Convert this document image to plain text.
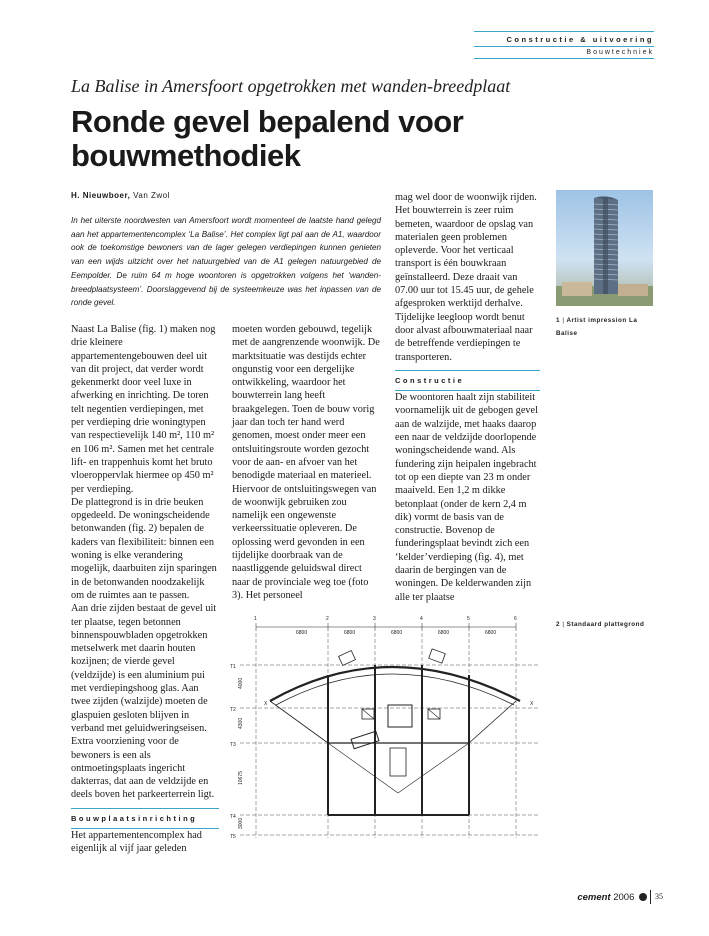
Constructie & uitvoering
Bouwtechniek
La Balise in Amersfoort opgetrokken met wanden-breedplaat
Ronde gevel bepalend voor bouwmethodiek
H. Nieuwboer, Van Zwol
In het uiterste noordwesten van Amersfoort wordt momenteel de laatste hand gelegd aan het appartementencomplex ‘La Balise’. Het complex ligt pal aan de A1, waardoor ook de toekomstige bewoners van de lager gelegen verdiepingen kunnen genieten van een wijds uitzicht over het natuurgebied van de A1 gelegen natuurgebied de Eempolder. De ruim 64 m hoge woontoren is opgetrokken volgens het ‘wanden-breedplaatsysteem’. Doorslaggevend bij de systeemkeuze was het inpassen van de ronde gevel.
Naast La Balise (fig. 1) maken nog drie kleinere appartementengebouwen deel uit van dit project, dat verder wordt gekenmerkt door veel luxe in afwerking en inrichting. De toren telt negentien verdiepingen, met per verdieping drie woningtypen van respectievelijk 140 m², 110 m² en 106 m². Samen met het centrale lift- en trappenhuis komt het bruto vloeroppervlak hiermee op 450 m² per verdieping.
De plattegrond is in drie beuken opgedeeld. De woningscheidende betonwanden (fig. 2) bepalen de kaders van flexibiliteit: binnen een woning is elke verandering mogelijk, daarbuiten zijn sparingen in de betonwanden noodzakelijk om de ruimtes aan te passen.
Aan drie zijden bestaat de gevel uit ter plaatse, tegen betonnen binnenspouwbladen opgetrokken metselwerk met daarin houten kozijnen; de vierde gevel (veldzijde) is een aluminium pui met verdiepingshoog glas. Aan twee zijden (walzijde) moeten de glaspuien gesloten blijven in verband met geluidweringseisen.
Extra voorziening voor de bewoners is een als ontmoetingsplaats ingericht dakterras, dat aan de veldzijde en deels boven het parkeerterrein ligt.
Bouwplaatsinrichting
Het appartementencomplex had eigenlijk al vijf jaar geleden
moeten worden gebouwd, tegelijk met de aangrenzende woonwijk. De marktsituatie was destijds echter ongunstig voor een dergelijke ontwikkeling, waardoor het bouwterrein lang heeft braakgelegen. Toen de bouw vorig jaar dan toch ter hand werd genomen, moest onder meer een ontsluitingsroute worden gezocht voor de aan- en afvoer van het benodigde materiaal en materieel. Hiervoor de ontsluitingswegen van de woonwijk gebruiken zou namelijk een ongewenste verkeerssituatie opleveren. De oplossing werd gevonden in een tijdelijke doorbraak van de naastliggende geluidswal direct naar de provinciale weg toe (foto 3). Het personeel
mag wel door de woonwijk rijden. Het bouwterrein is zeer ruim bemeten, waardoor de opslag van materialen geen problemen opleverde. Voor het verticaal transport is één bouwkraan geïnstalleerd. Deze draait van 07.00 uur tot 15.45 uur, de gehele afgesproken werktijd derhalve. Tijdelijke leegloop wordt benut door alvast afbouwmateriaal naar de betreffende verdiepingen te transporteren.
Constructie
De woontoren haalt zijn stabiliteit voornamelijk uit de gebogen gevel aan de walzijde, met haaks daarop een naar de veldzijde doorlopende woningscheidende wand. Als fundering zijn heipalen ingebracht tot op een diepte van 23 m onder maaiveld. Een 1,2 m dikke betonplaat (onder de kern 2,4 m dik) vormt de basis van de constructie. Bovenop de funderingsplaat bevindt zich een ‘kelder’verdieping (fig. 4), met daarin de bergingen van de woningen. De kelderwanden zijn alle ter plaatse
1 | Artist impression La Balise
2 | Standaard plattegrond
1	2	3	4	5	6
6800	6800	6800	6800	6800
T1
T2
T3
T4
T5
4000
4300
10675
3000
X	X
cement 2006	35
